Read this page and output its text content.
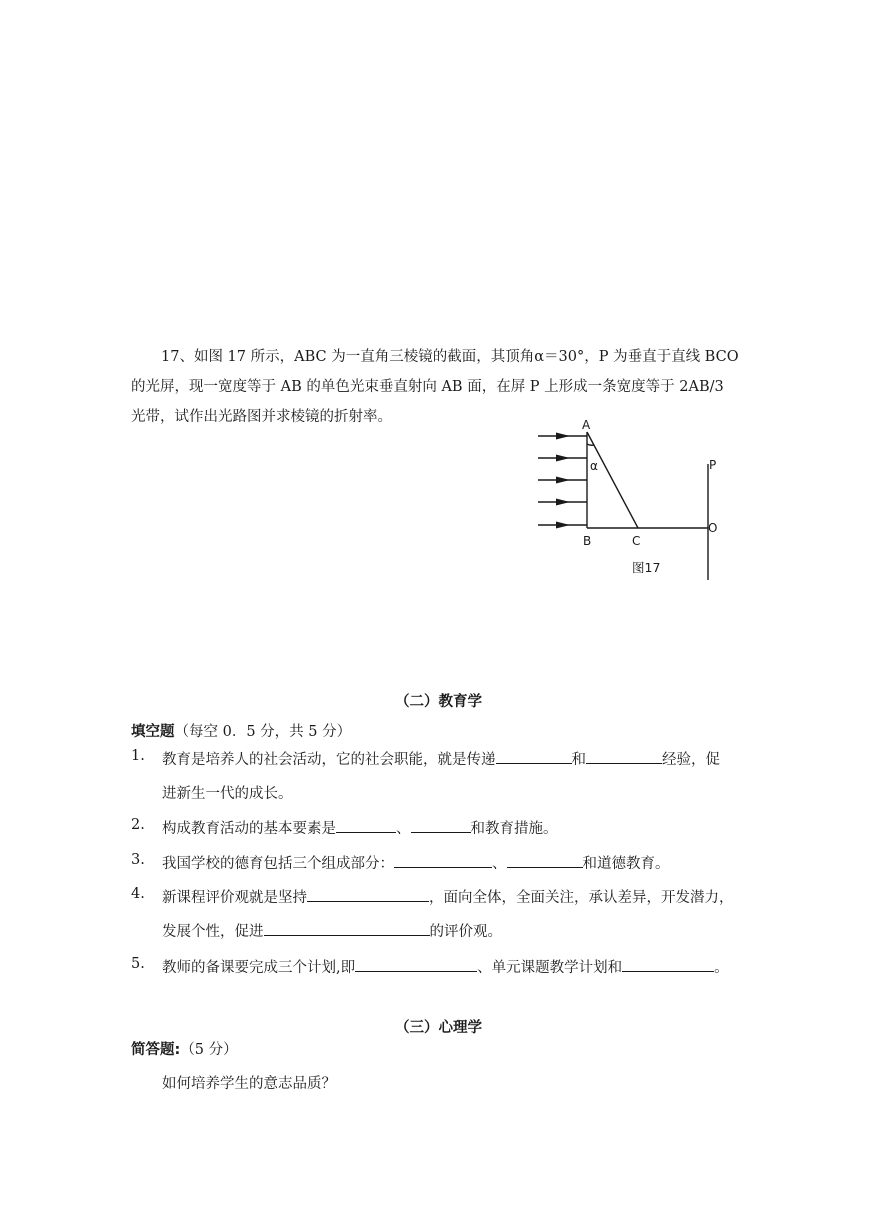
17、如图 17 所示，ABC 为一直角三棱镜的截面，其顶角α＝30°，P 为垂直于直线 BCO
的光屏，现一宽度等于 AB 的单色光束垂直射向 AB 面，在屏 P 上形成一条宽度等于 2AB/3
光带，试作出光路图并求棱镜的折射率。	A
α	P
O
B	C
图17
（二）教育学
填空题（每空 0．5 分，共 5 分）
1. 教育是培养人的社会活动，它的社会职能，就是传递	和	经验，促
进新生一代的成长。
2. 构成教育活动的基本要素是	、	和教育措施。
3. 我国学校的德育包括三个组成部分：	、	和道德教育。
4. 新课程评价观就是坚持	，面向全体，全面关注，承认差异，开发潜力，
发展个性，促进	的评价观。
5. 教师的备课要完成三个计划,即	、单元课题教学计划和	。
（三）心理学
简答题:（5 分）
如何培养学生的意志品质？
